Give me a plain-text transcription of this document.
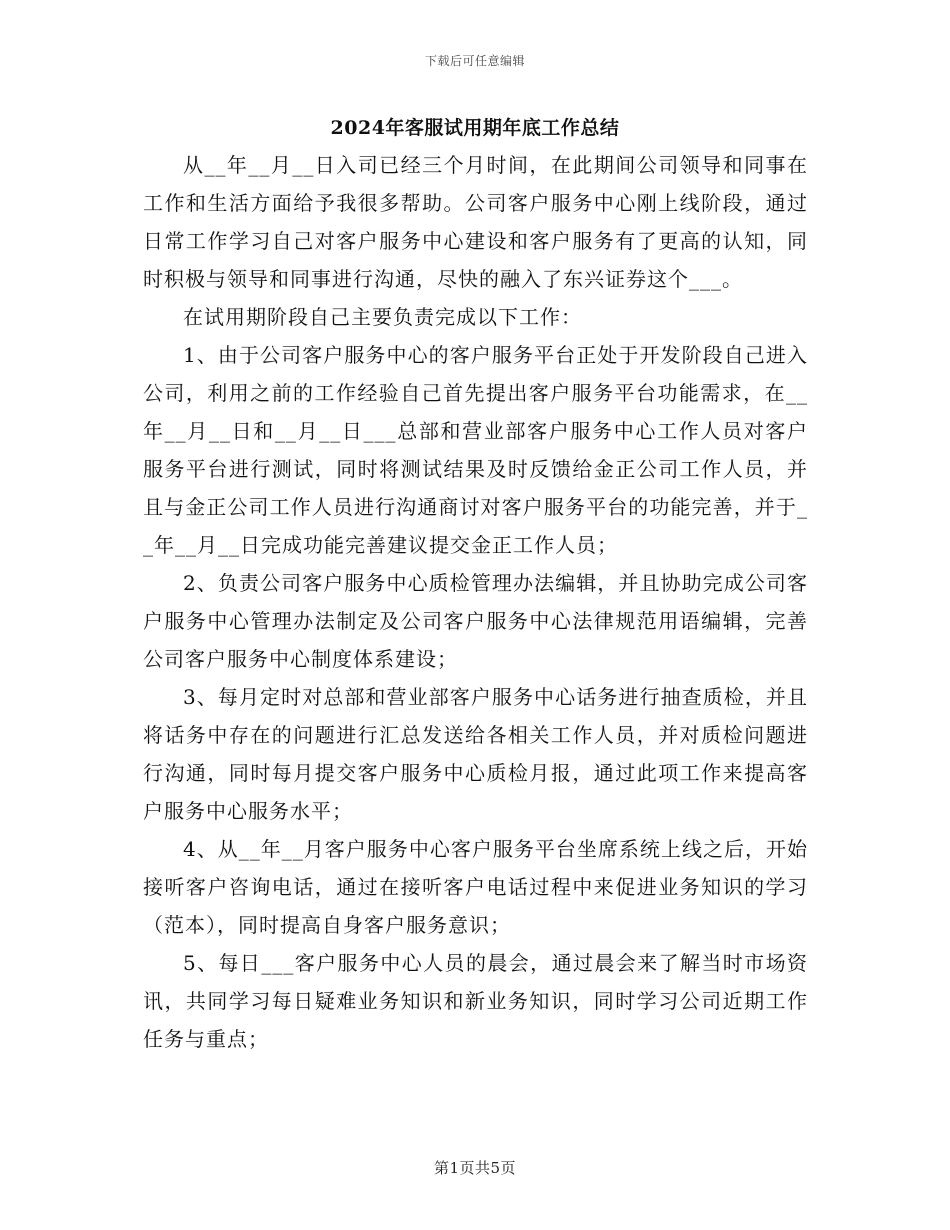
下载后可任意编辑
2024年客服试用期年底工作总结

从__年__月__日入司已经三个月时间，在此期间公司领导和同事在工作和生活方面给予我很多帮助。公司客户服务中心刚上线阶段，通过日常工作学习自己对客户服务中心建设和客户服务有了更高的认知，同时积极与领导和同事进行沟通，尽快的融入了东兴证券这个___。

在试用期阶段自己主要负责完成以下工作：

1、由于公司客户服务中心的客户服务平台正处于开发阶段自己进入公司，利用之前的工作经验自己首先提出客户服务平台功能需求，在__年__月__日和__月__日___总部和营业部客户服务中心工作人员对客户服务平台进行测试，同时将测试结果及时反馈给金正公司工作人员，并且与金正公司工作人员进行沟通商讨对客户服务平台的功能完善，并于__年__月__日完成功能完善建议提交金正工作人员；

2、负责公司客户服务中心质检管理办法编辑，并且协助完成公司客户服务中心管理办法制定及公司客户服务中心法律规范用语编辑，完善公司客户服务中心制度体系建设；

3、每月定时对总部和营业部客户服务中心话务进行抽查质检，并且将话务中存在的问题进行汇总发送给各相关工作人员，并对质检问题进行沟通，同时每月提交客户服务中心质检月报，通过此项工作来提高客户服务中心服务水平；

4、从__年__月客户服务中心客户服务平台坐席系统上线之后，开始接听客户咨询电话，通过在接听客户电话过程中来促进业务知识的学习（范本），同时提高自身客户服务意识；

5、每日___客户服务中心人员的晨会，通过晨会来了解当时市场资讯，共同学习每日疑难业务知识和新业务知识，同时学习公司近期工作任务与重点；

第1页共5页
